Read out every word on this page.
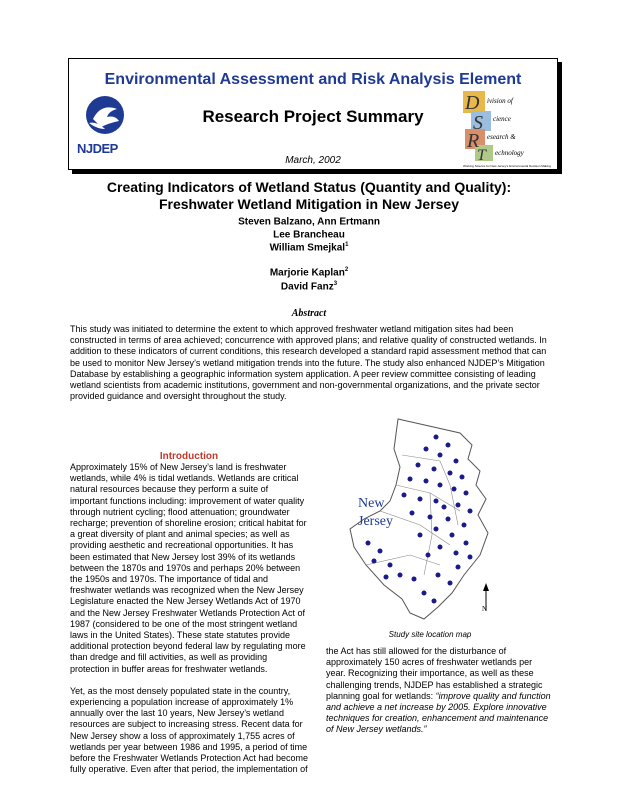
Environmental Assessment and Risk Analysis Element
Research Project Summary
March, 2002
NJDEP
D
S
R
T
ivision of
cience
esearch &
echnology
Working Science for New Jersey's Environmental Decision Making
Creating Indicators of Wetland Status (Quantity and Quality):
Freshwater Wetland Mitigation in New Jersey
Steven Balzano, Ann Ertmann
Lee Brancheau
William Smejkal$^1$
Marjorie Kaplan$^2$
David Fanz$^3$
Abstract
This study was initiated to determine the extent to which approved freshwater wetland mitigation sites had been constructed in terms of area achieved; concurrence with approved plans; and relative quality of constructed wetlands. In addition to these indicators of current conditions, this research developed a standard rapid assessment method that can be used to monitor New Jersey’s wetland mitigation trends into the future. The study also enhanced NJDEP’s Mitigation Database by establishing a geographic information system application. A peer review committee consisting of leading wetland scientists from academic institutions, government and non-governmental organizations, and the private sector provided guidance and oversight throughout the study.
Introduction

Approximately 15% of New Jersey’s land is freshwater wetlands, while 4% is tidal wetlands. Wetlands are critical natural resources because they perform a suite of important functions including: improvement of water quality through nutrient cycling; flood attenuation; groundwater recharge; prevention of shoreline erosion; critical habitat for a great diversity of plant and animal species; as well as providing aesthetic and recreational opportunities. It has been estimated that New Jersey lost 39% of its wetlands between the 1870s and 1970s and perhaps 20% between the 1950s and 1970s. The importance of tidal and freshwater wetlands was recognized when the New Jersey Legislature enacted the New Jersey Wetlands Act of 1970 and the New Jersey Freshwater Wetlands Protection Act of 1987 (considered to be one of the most stringent wetland laws in the United States). These state statutes provide additional protection beyond federal law by regulating more than dredge and fill activities, as well as providing protection in buffer areas for freshwater wetlands.

Yet, as the most densely populated state in the country, experiencing a population increase of approximately 1% annually over the last 10 years, New Jersey’s wetland resources are subject to increasing stress. Recent data for New Jersey show a loss of approximately 1,755 acres of wetlands per year between 1986 and 1995, a period of time before the Freshwater Wetlands Protection Act had become fully operative. Even after that period, the implementation of

the Act has still allowed for the disturbance of approximately 150 acres of freshwater wetlands per year. Recognizing their importance, as well as these challenging trends, NJDEP has established a strategic planning goal for wetlands: “improve quality and function and achieve a net increase by 2005. Explore innovative techniques for creation, enhancement and maintenance of New Jersey wetlands.”
New
Jersey
N
Study site location map
